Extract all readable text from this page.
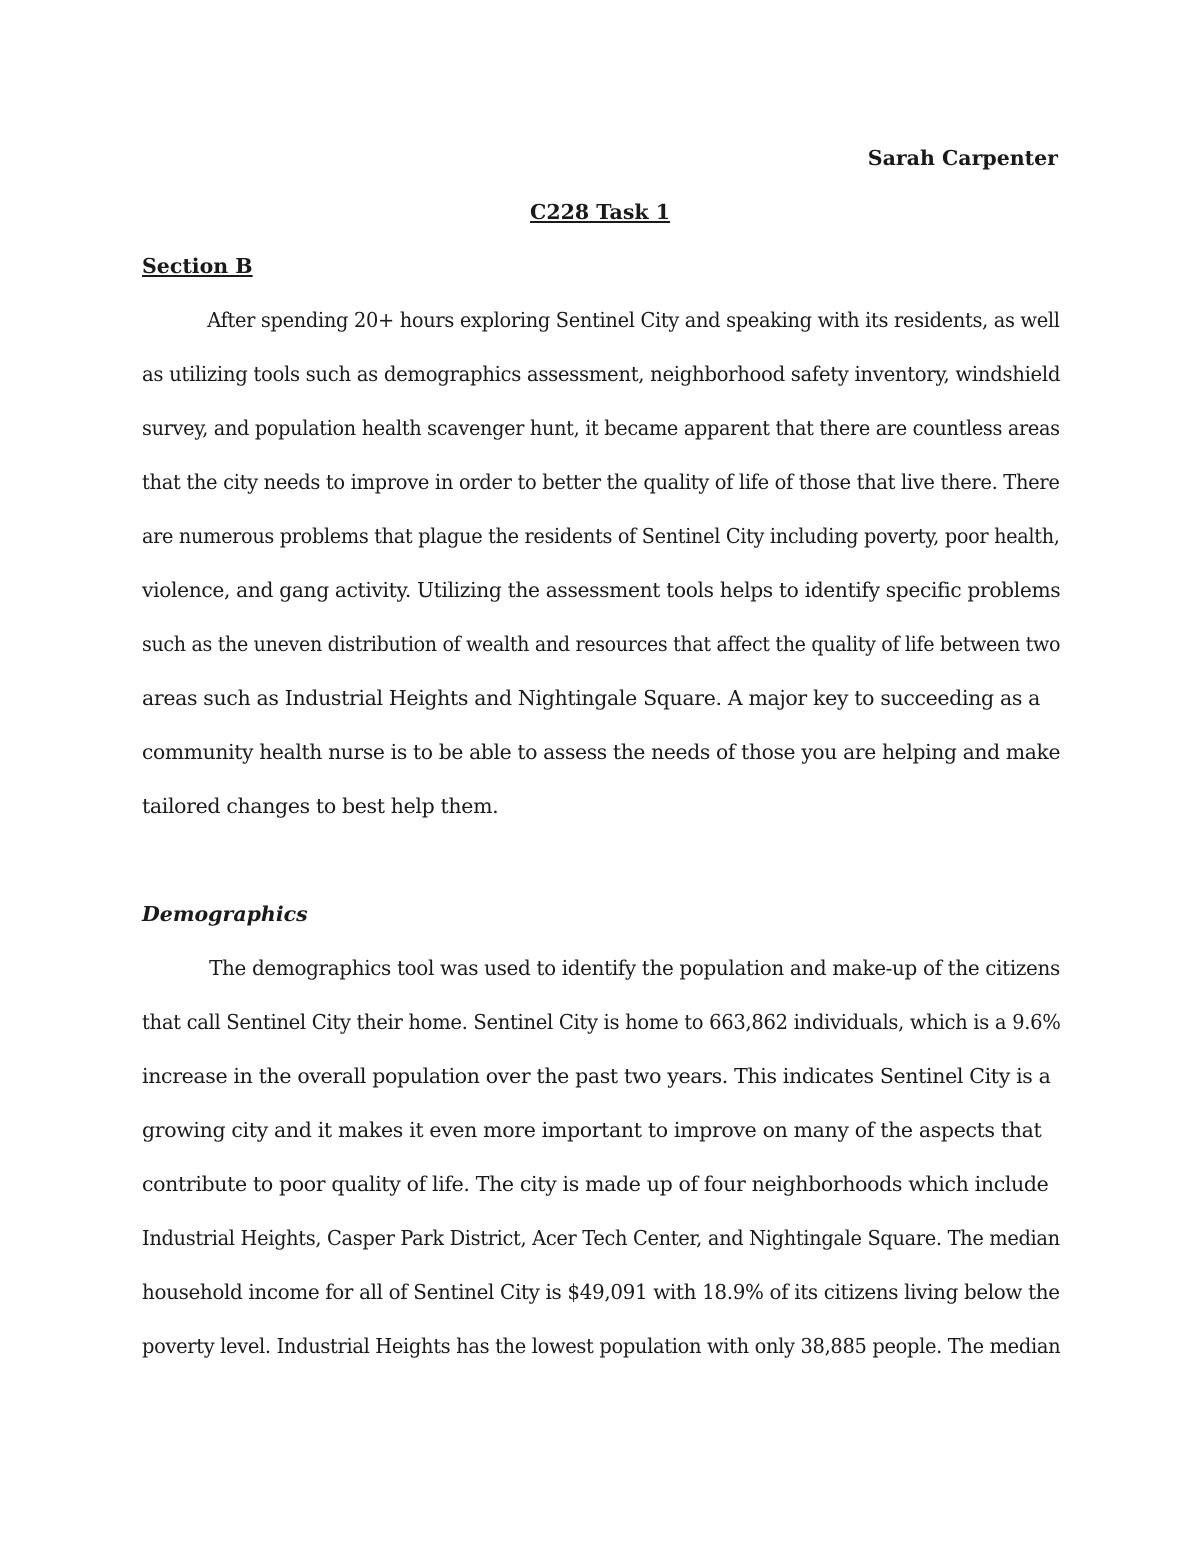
Sarah Carpenter
C228 Task 1
Section B

After spending 20+ hours exploring Sentinel City and speaking with its residents, as well
as utilizing tools such as demographics assessment, neighborhood safety inventory, windshield
survey, and population health scavenger hunt, it became apparent that there are countless areas
that the city needs to improve in order to better the quality of life of those that live there. There
are numerous problems that plague the residents of Sentinel City including poverty, poor health,
violence, and gang activity. Utilizing the assessment tools helps to identify specific problems
such as the uneven distribution of wealth and resources that affect the quality of life between two
areas such as Industrial Heights and Nightingale Square. A major key to succeeding as a
community health nurse is to be able to assess the needs of those you are helping and make
tailored changes to best help them.

Demographics

The demographics tool was used to identify the population and make-up of the citizens
that call Sentinel City their home. Sentinel City is home to 663,862 individuals, which is a 9.6%
increase in the overall population over the past two years. This indicates Sentinel City is a
growing city and it makes it even more important to improve on many of the aspects that
contribute to poor quality of life. The city is made up of four neighborhoods which include
Industrial Heights, Casper Park District, Acer Tech Center, and Nightingale Square. The median
household income for all of Sentinel City is $49,091 with 18.9% of its citizens living below the
poverty level. Industrial Heights has the lowest population with only 38,885 people. The median
